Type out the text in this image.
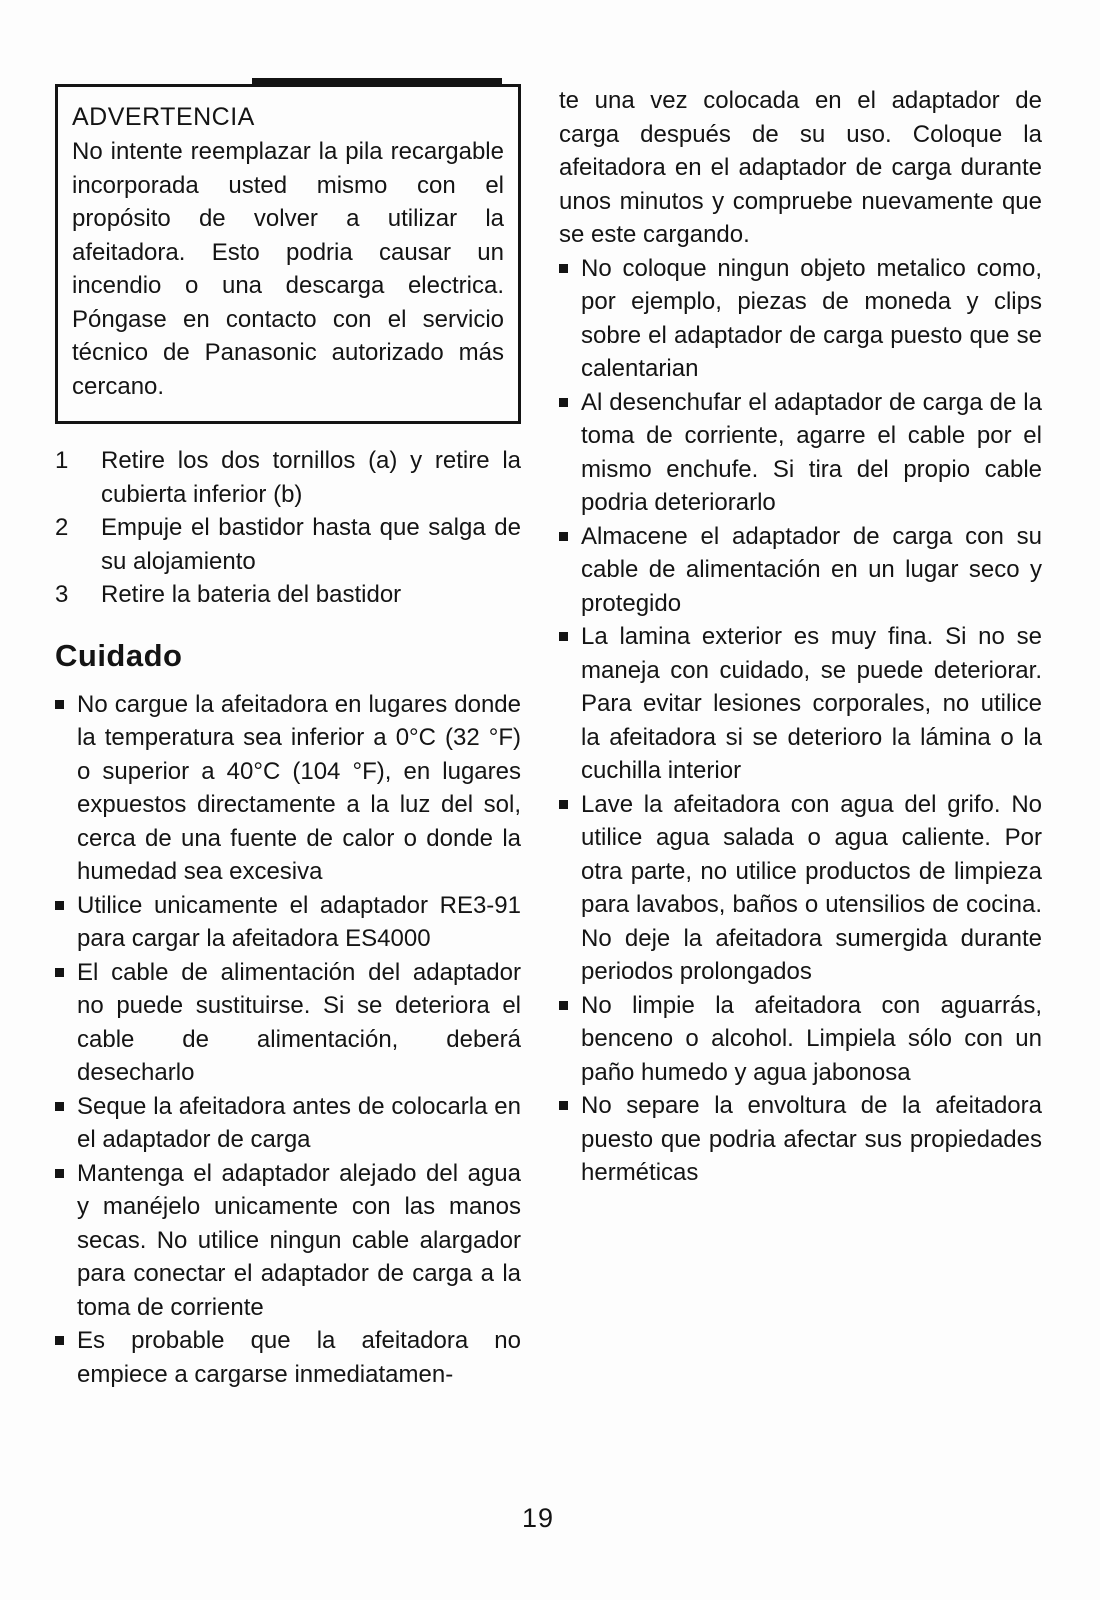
ADVERTENCIA
No intente reemplazar la pila recargable incorporada usted mismo con el propósito de volver a utilizar la afeitadora. Esto podria causar un incendio o una descarga electrica. Póngase en contacto con el servicio técnico de Panasonic autorizado más cercano.
1	Retire los dos tornillos (a) y retire la cubierta inferior (b)
2	Empuje el bastidor hasta que salga de su alojamiento
3	Retire la bateria del bastidor
Cuidado
No cargue la afeitadora en lugares donde la temperatura sea inferior a 0°C (32 °F) o superior a 40°C (104 °F), en lugares expuestos directamente a la luz del sol, cerca de una fuente de calor o donde la humedad sea excesiva
Utilice unicamente el adaptador RE3-91 para cargar la afeitadora ES4000
El cable de alimentación del adaptador no puede sustituirse. Si se deteriora el cable de alimentación, deberá desecharlo
Seque la afeitadora antes de colocarla en el adaptador de carga
Mantenga el adaptador alejado del agua y manéjelo unicamente con las manos secas. No utilice ningun cable alargador para conectar el adaptador de carga a la toma de corriente
Es probable que la afeitadora no empiece a cargarse inmediatamen-

te una vez colocada en el adaptador de carga después de su uso. Coloque la afeitadora en el adaptador de carga durante unos minutos y compruebe nuevamente que se este cargando.

No coloque ningun objeto metalico como, por ejemplo, piezas de moneda y clips sobre el adaptador de carga puesto que se calentarian
Al desenchufar el adaptador de carga de la toma de corriente, agarre el cable por el mismo enchufe. Si tira del propio cable podria deteriorarlo
Almacene el adaptador de carga con su cable de alimentación en un lugar seco y protegido
La lamina exterior es muy fina. Si no se maneja con cuidado, se puede deteriorar. Para evitar lesiones corporales, no utilice la afeitadora si se deterioro la lámina o la cuchilla interior
Lave la afeitadora con agua del grifo. No utilice agua salada o agua caliente. Por otra parte, no utilice productos de limpieza para lavabos, baños o utensilios de cocina. No deje la afeitadora sumergida durante periodos prolongados
No limpie la afeitadora con aguarrás, benceno o alcohol. Limpiela sólo con un paño humedo y agua jabonosa
No separe la envoltura de la afeitadora puesto que podria afectar sus propiedades herméticas
19
